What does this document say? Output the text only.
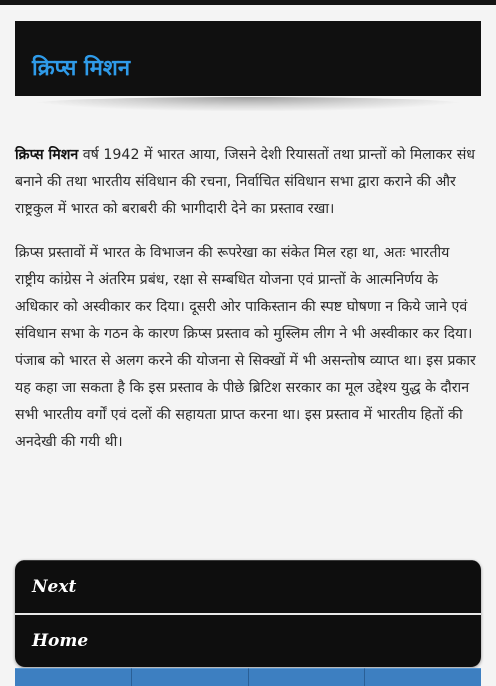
क्रिप्स मिशन

क्रिप्स मिशन वर्ष 1942 में भारत आया, जिसने देशी रियासतों तथा प्रान्तों को मिलाकर संध बनाने की तथा भारतीय संविधान की रचना, निर्वाचित संविधान सभा द्वारा कराने की और राष्ट्रकुल में भारत को बराबरी की भागीदारी देने का प्रस्ताव रखा।

क्रिप्स प्रस्तावों में भारत के विभाजन की रूपरेखा का संकेत मिल रहा था, अतः भारतीय राष्ट्रीय कांग्रेस ने अंतरिम प्रबंध, रक्षा से सम्बधित योजना एवं प्रान्तों के आत्मनिर्णय के अधिकार को अस्वीकार कर दिया। दूसरी ओर पाकिस्तान की स्पष्ट घोषणा न किये जाने एवं संविधान सभा के गठन के कारण क्रिप्स प्रस्ताव को मुस्लिम लीग ने भी अस्वीकार कर दिया। पंजाब को भारत से अलग करने की योजना से सिक्खों में भी असन्तोष व्याप्त था। इस प्रकार यह कहा जा सकता है कि इस प्रस्ताव के पीछे ब्रिटिश सरकार का मूल उद्देश्य युद्ध के दौरान सभी भारतीय वर्गों एवं दलों की सहायता प्राप्त करना था। इस प्रस्ताव में भारतीय हितों की अनदेखी की गयी थी।

Next
Home
